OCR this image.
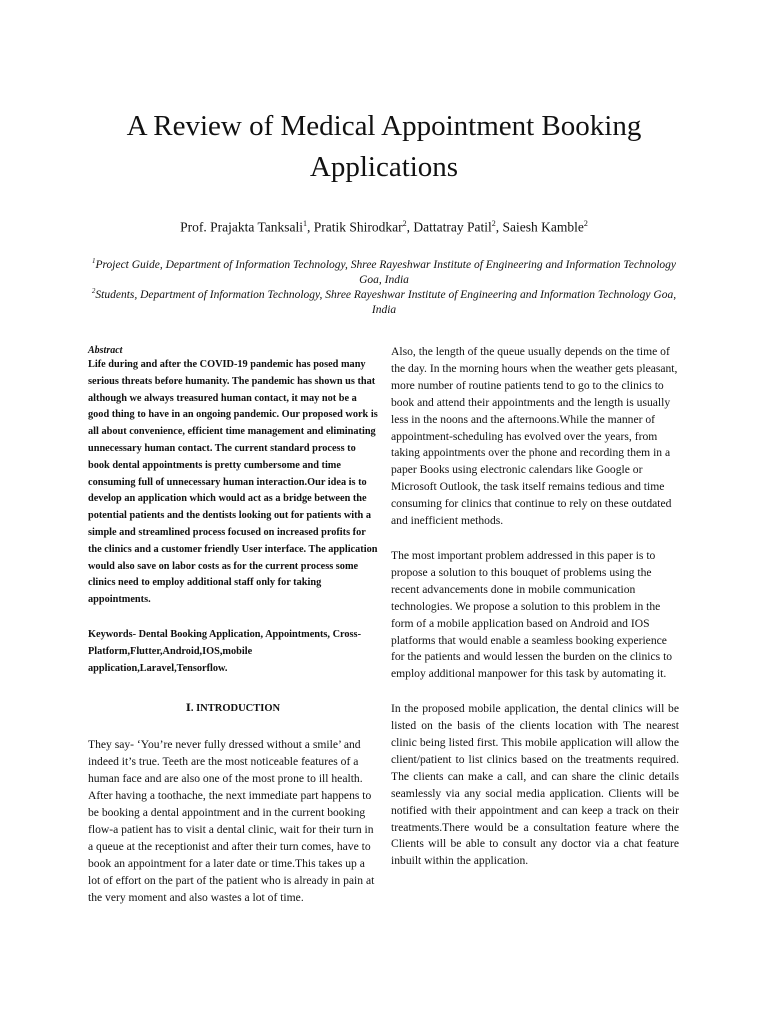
A Review of Medical Appointment Booking Applications

Prof. Prajakta Tanksali$^1$, Pratik Shirodkar$^2$, Dattatray Patil$^2$, Saiesh Kamble$^2$

$^1$Project Guide, Department of Information Technology, Shree Rayeshwar Institute of Engineering and Information Technology Goa, India

$^2$Students, Department of Information Technology, Shree Rayeshwar Institute of Engineering and Information Technology Goa, India

Abstract

Life during and after the COVID-19 pandemic has posed many serious threats before humanity. The pandemic has shown us that although we always treasured human contact, it may not be a good thing to have in an ongoing pandemic. Our proposed work is all about convenience, efficient time management and eliminating unnecessary human contact. The current standard process to book dental appointments is pretty cumbersome and time consuming full of unnecessary human interaction.Our idea is to develop an application which would act as a bridge between the potential patients and the dentists looking out for patients with a simple and streamlined process focused on increased profits for the clinics and a customer friendly User interface. The application would also save on labor costs as for the current process some clinics need to employ additional staff only for taking appointments.

Keywords- Dental Booking Application, Appointments, Cross-Platform,Flutter,Android,IOS,mobile application,Laravel,Tensorflow.

Ⅰ. INTRODUCTION

They say- ‘You’re never fully dressed without a smile’ and indeed it’s true. Teeth are the most noticeable features of a human face and are also one of the most prone to ill health. After having a toothache, the next immediate part happens to be booking a dental appointment and in the current booking flow-a patient has to visit a dental clinic, wait for their turn in a queue at the receptionist and after their turn comes, have to book an appointment for a later date or time.This takes up a lot of effort on the part of the patient who is already in pain at the very moment and also wastes a lot of time.

Also, the length of the queue usually depends on the time of the day. In the morning hours when the weather gets pleasant, more number of routine patients tend to go to the clinics to book and attend their appointments and the length is usually less in the noons and the afternoons.While the manner of appointment-scheduling has evolved over the years, from taking appointments over the phone and recording them in a paper Books using electronic calendars like Google or Microsoft Outlook, the task itself remains tedious and time consuming for clinics that continue to rely on these outdated and inefficient methods.

The most important problem addressed in this paper is to propose a solution to this bouquet of problems using the recent advancements done in mobile communication technologies. We propose a solution to this problem in the form of a mobile application based on Android and IOS platforms that would enable a seamless booking experience for the patients and would lessen the burden on the clinics to employ additional manpower for this task by automating it.

In the proposed mobile application, the dental clinics will be listed on the basis of the clients location with The nearest clinic being listed first. This mobile application will allow the client/patient to list clinics based on the treatments required. The clients can make a call, and can share the clinic details seamlessly via any social media application. Clients will be notified with their appointment and can keep a track on their treatments.There would be a consultation feature where the Clients will be able to consult any doctor via a chat feature inbuilt within the application.
